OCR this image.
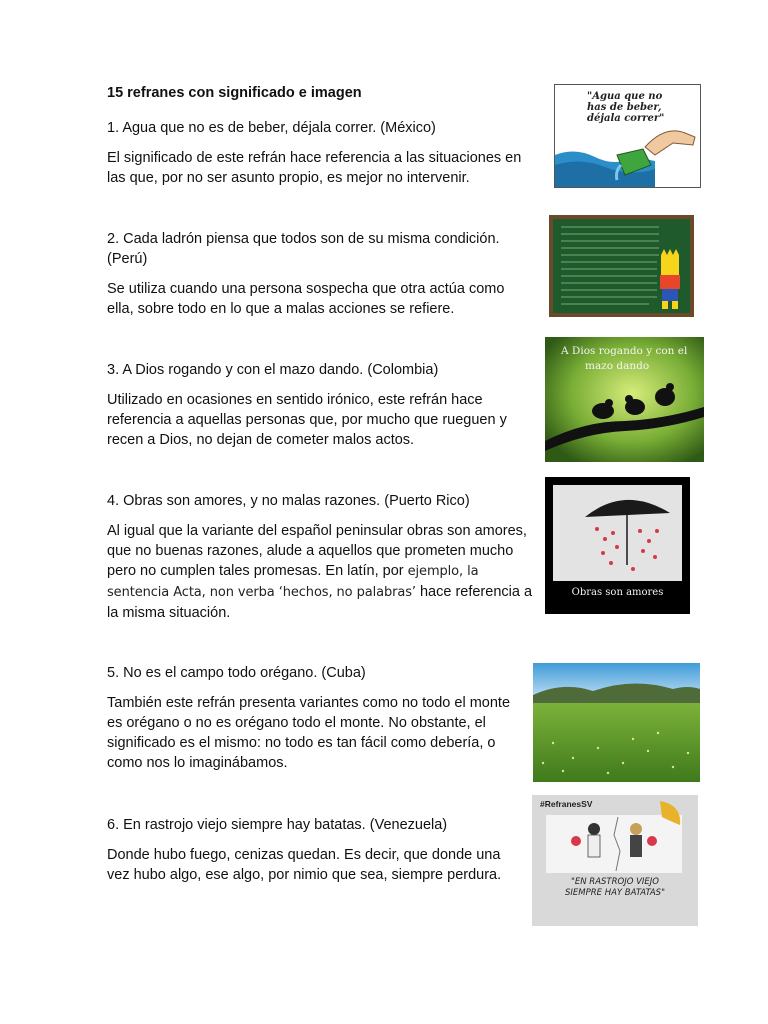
15 refranes con significado e imagen

1. Agua que no es de beber, déjala correr. (México)

El significado de este refrán hace referencia a las situaciones en las que, por no ser asunto propio, es mejor no intervenir.

2. Cada ladrón piensa que todos son de su misma condición. (Perú)

Se utiliza cuando una persona sospecha que otra actúa como ella, sobre todo en lo que a malas acciones se refiere.

3. A Dios rogando y con el mazo dando. (Colombia)

Utilizado en ocasiones en sentido irónico, este refrán hace referencia a aquellas personas que, por mucho que rueguen y recen a Dios, no dejan de cometer malos actos.

4. Obras son amores, y no malas razones. (Puerto Rico)

Al igual que la variante del español peninsular obras son amores, que no buenas razones, alude a aquellos que prometen mucho pero no cumplen tales promesas. En latín, por ejemplo, la sentencia Acta, non verba ‘hechos, no palabras’ hace referencia a la misma situación.

5. No es el campo todo orégano. (Cuba)

También este refrán presenta variantes como no todo el monte es orégano o no es orégano todo el monte. No obstante, el significado es el mismo: no todo es tan fácil como debería, o como nos lo imaginábamos.

6. En rastrojo viejo siempre hay batatas. (Venezuela)

Donde hubo fuego, cenizas quedan. Es decir, que donde una vez hubo algo, ese algo, por nimio que sea, siempre perdura.

"Agua que no
has de beber,
déjala correr"
A Dios rogando y con el
mazo dando
Obras son amores
#RefranesSV
"EN RASTROJO VIEJO
SIEMPRE HAY BATATAS"
